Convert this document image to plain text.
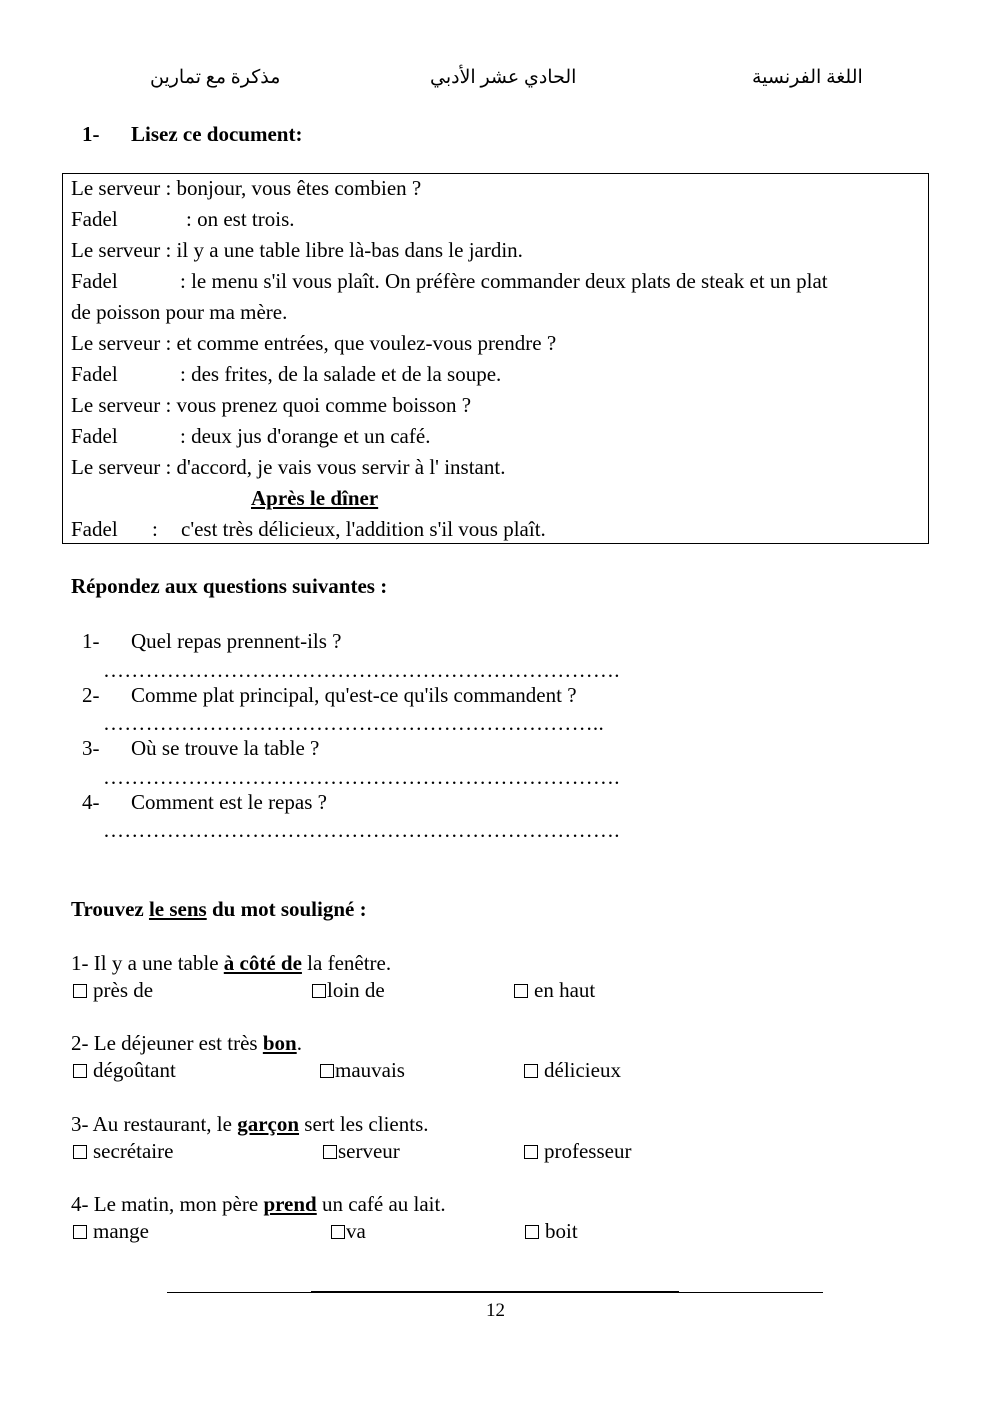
اللغة الفرنسية
الحادي عشر الأدبي
مذكرة مع تمارين
1- Lisez ce document:
Le serveur : bonjour, vous êtes combien ?
Fadel	: on est trois.
Le serveur : il y a une table libre là-bas dans le jardin.
Fadel	: le menu s'il vous plaît. On préfère commander deux plats de steak et un plat
de poisson pour ma mère.
Le serveur : et comme entrées, que voulez-vous prendre ?
Fadel	: des frites, de la salade et de la soupe.
Le serveur : vous prenez quoi comme boisson ?
Fadel	: deux jus d'orange et un café.
Le serveur : d'accord, je vais vous servir à l' instant.
Après le dîner
Fadel : c'est très délicieux, l'addition s'il vous plaît.
Répondez aux questions suivantes :
1- Quel repas prennent-ils ?
……………………………………………………………….
2- Comme plat principal, qu'est-ce qu'ils commandent ?
……………………………………………………………..
3- Où se trouve la table ?
……………………………………………………………….
4- Comment est le repas ?
……………………………………………………………….
Trouvez le sens du mot souligné :
1- Il y a une table à côté de la fenêtre.
près de	loin de	en haut
2- Le déjeuner est très bon.
dégoûtant	mauvais	délicieux
3- Au restaurant, le garçon sert les clients.
secrétaire	serveur	professeur
4- Le matin, mon père prend un café au lait.
mange	va	boit
12
